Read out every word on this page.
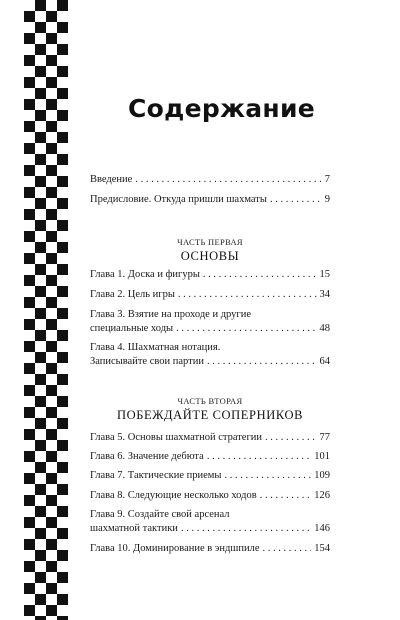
Содержание
Введение . . .	7
Предисловие. Откуда пришли шахматы . . .	9
ЧАСТЬ ПЕРВАЯ
ОСНОВЫ
Глава 1. Доска и фигуры . . .	15
Глава 2. Цель игры . . .	34
Глава 3. Взятие на проходе и другие
специальные ходы . . .	48
Глава 4. Шахматная нотация.
Записывайте свои партии . . .	64
ЧАСТЬ ВТОРАЯ
ПОБЕЖДАЙТЕ СОПЕРНИКОВ
Глава 5. Основы шахматной стратегии . . .	77
Глава 6. Значение дебюта . . .	101
Глава 7. Тактические приемы . . .	109
Глава 8. Следующие несколько ходов . . .	126
Глава 9. Создайте свой арсенал
шахматной тактики . . .	146
Глава 10. Доминирование в эндшпиле . . .	154
